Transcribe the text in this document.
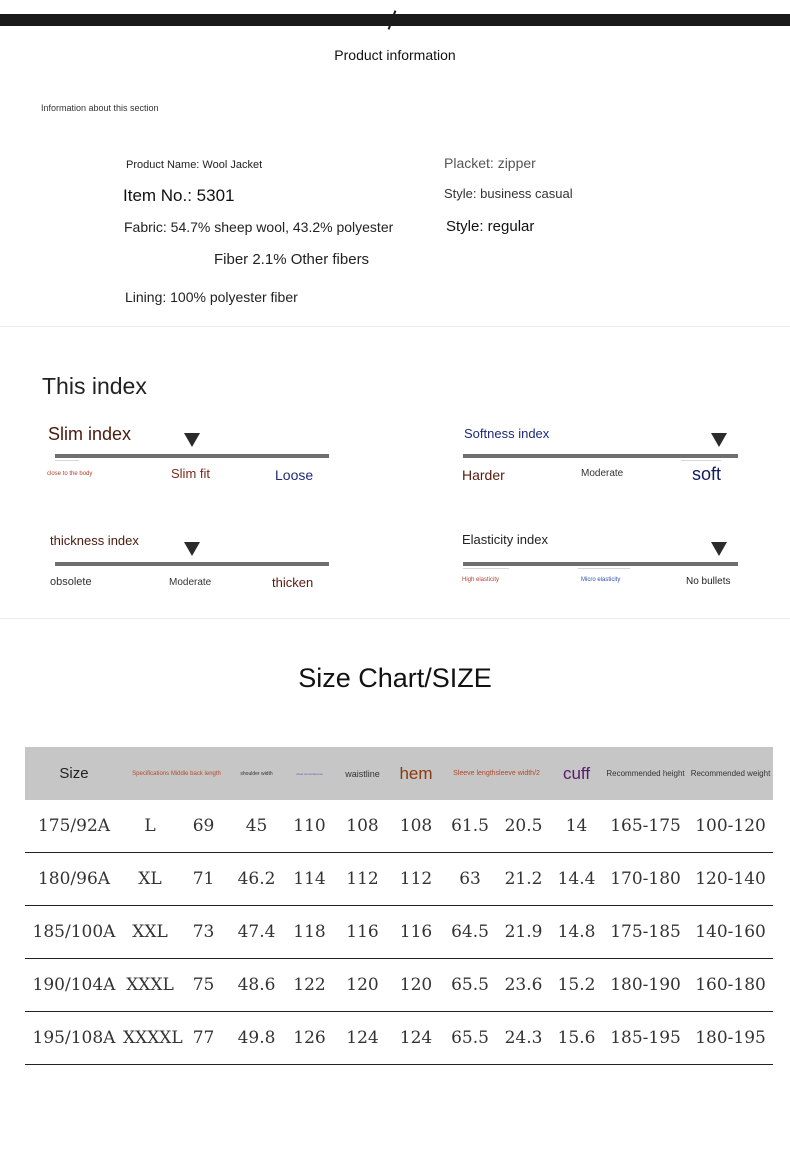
Product information
Information about this section
Product Name: Wool Jacket
Item No.: 5301
Fabric: 54.7% sheep wool, 43.2% polyester
Fiber 2.1% Other fibers
Lining: 100% polyester fiber
Placket: zipper
Style: business casual
Style: regular
This index
Slim index
close to the body	Slim fit	Loose
Softness index
Harder	Moderate	soft
thickness index
obsolete	Moderate	thicken
Elasticity index
High elasticity	Micro elasticity	No bullets
Size Chart/SIZE
Size	Specifications Middle back length		shoulder width	chest circumference	waistline	hem	Sleeve lengthsleeve width/2		cuff	Recommended height	Recommended weight
175/92A	L	69	45	110	108	108	61.5	20.5	14	165-175	100-120
180/96A	XL	71	46.2	114	112	112	63	21.2	14.4	170-180	120-140
185/100A	XXL	73	47.4	118	116	116	64.5	21.9	14.8	175-185	140-160
190/104A	XXXL	75	48.6	122	120	120	65.5	23.6	15.2	180-190	160-180
195/108A	XXXXL	77	49.8	126	124	124	65.5	24.3	15.6	185-195	180-195
